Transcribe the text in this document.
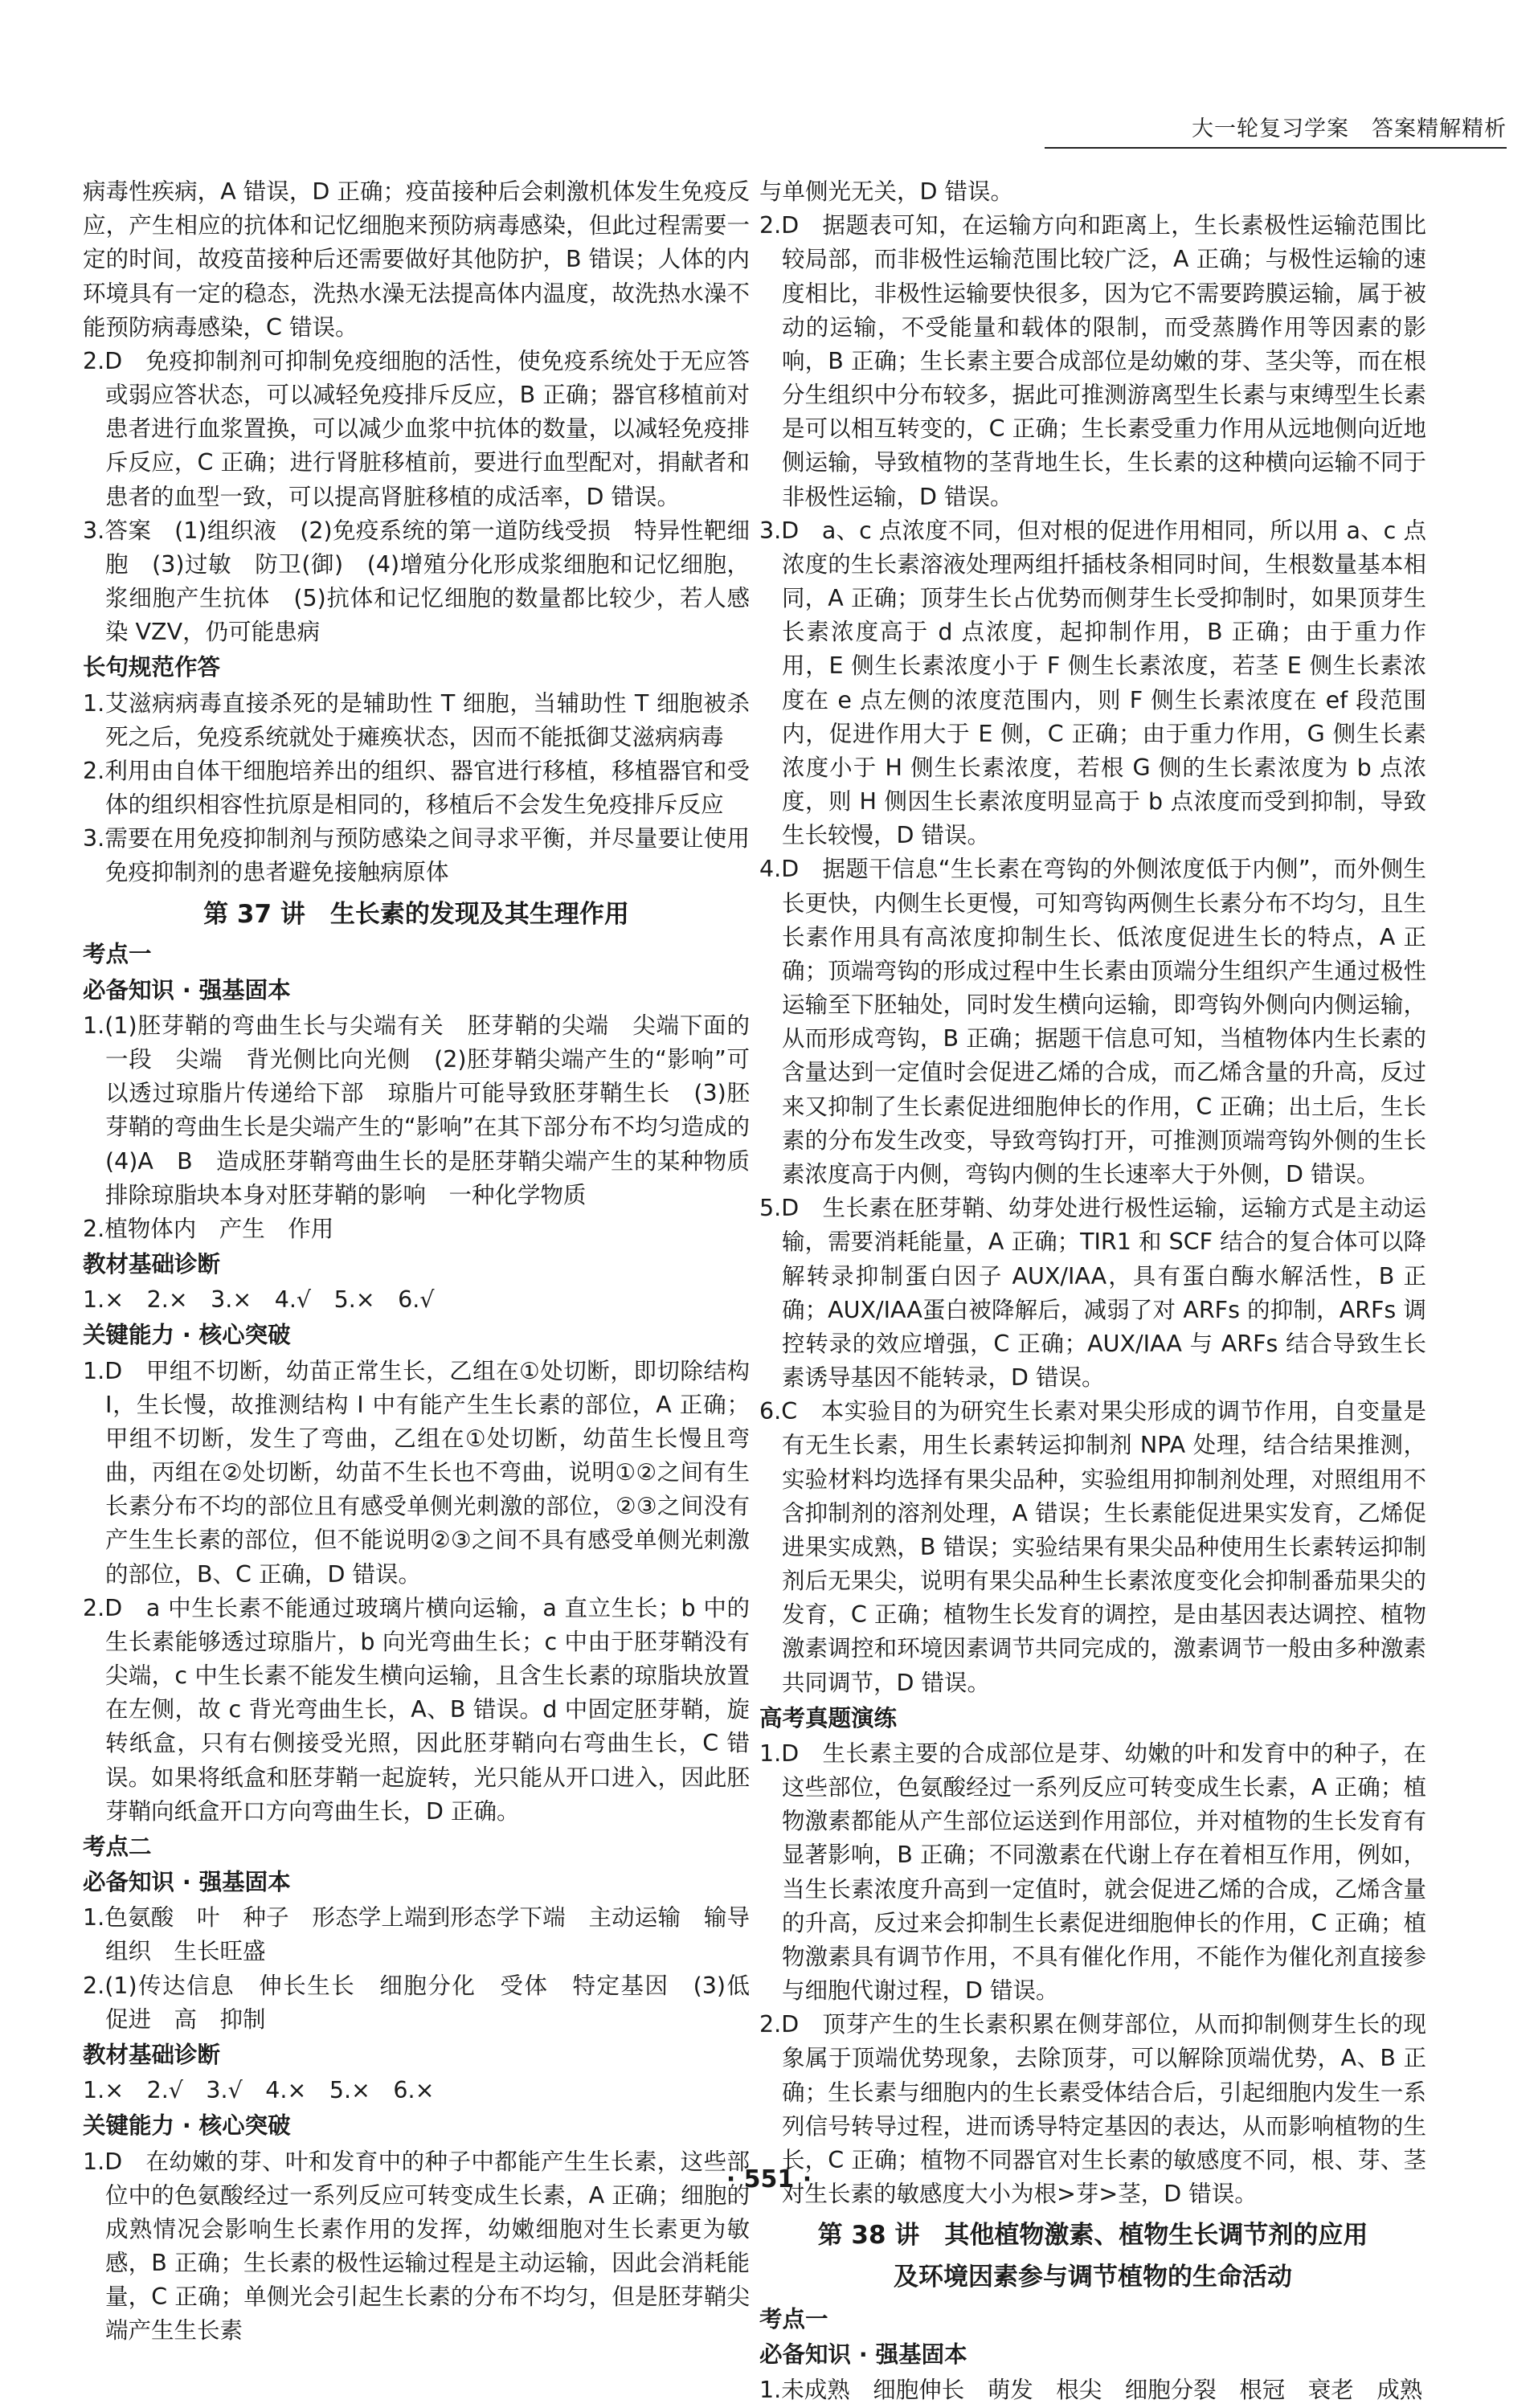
大一轮复习学案　答案精解精析
病毒性疾病，A 错误，D 正确；疫苗接种后会刺激机体发生免疫反应，产生相应的抗体和记忆细胞来预防病毒感染，但此过程需要一定的时间，故疫苗接种后还需要做好其他防护，B 错误；人体的内环境具有一定的稳态，洗热水澡无法提高体内温度，故洗热水澡不能预防病毒感染，C 错误。
2.D　免疫抑制剂可抑制免疫细胞的活性，使免疫系统处于无应答或弱应答状态，可以减轻免疫排斥反应，B 正确；器官移植前对患者进行血浆置换，可以减少血浆中抗体的数量，以减轻免疫排斥反应，C 正确；进行肾脏移植前，要进行血型配对，捐献者和患者的血型一致，可以提高肾脏移植的成活率，D 错误。
3.答案　(1)组织液　(2)免疫系统的第一道防线受损　特异性靶细胞　(3)过敏　防卫(御)　(4)增殖分化形成浆细胞和记忆细胞，浆细胞产生抗体　(5)抗体和记忆细胞的数量都比较少，若人感染 VZV，仍可能患病
长句规范作答
1.艾滋病病毒直接杀死的是辅助性 T 细胞，当辅助性 T 细胞被杀死之后，免疫系统就处于瘫痪状态，因而不能抵御艾滋病病毒
2.利用由自体干细胞培养出的组织、器官进行移植，移植器官和受体的组织相容性抗原是相同的，移植后不会发生免疫排斥反应
3.需要在用免疫抑制剂与预防感染之间寻求平衡，并尽量要让使用免疫抑制剂的患者避免接触病原体
第 37 讲　生长素的发现及其生理作用
考点一
必备知识 · 强基固本
1.(1)胚芽鞘的弯曲生长与尖端有关　胚芽鞘的尖端　尖端下面的一段　尖端　背光侧比向光侧　(2)胚芽鞘尖端产生的“影响”可以透过琼脂片传递给下部　琼脂片可能导致胚芽鞘生长　(3)胚芽鞘的弯曲生长是尖端产生的“影响”在其下部分布不均匀造成的　(4)A　B　造成胚芽鞘弯曲生长的是胚芽鞘尖端产生的某种物质　排除琼脂块本身对胚芽鞘的影响　一种化学物质
2.植物体内　产生　作用
教材基础诊断
1.×　2.×　3.×　4.√　5.×　6.√
关键能力 · 核心突破
1.D　甲组不切断，幼苗正常生长，乙组在①处切断，即切除结构 Ⅰ，生长慢，故推测结构 Ⅰ 中有能产生生长素的部位，A 正确；甲组不切断，发生了弯曲，乙组在①处切断，幼苗生长慢且弯曲，丙组在②处切断，幼苗不生长也不弯曲，说明①②之间有生长素分布不均的部位且有感受单侧光刺激的部位，②③之间没有产生生长素的部位，但不能说明②③之间不具有感受单侧光刺激的部位，B、C 正确，D 错误。
2.D　a 中生长素不能通过玻璃片横向运输，a 直立生长；b 中的生长素能够透过琼脂片，b 向光弯曲生长；c 中由于胚芽鞘没有尖端，c 中生长素不能发生横向运输，且含生长素的琼脂块放置在左侧，故 c 背光弯曲生长，A、B 错误。d 中固定胚芽鞘，旋转纸盒，只有右侧接受光照，因此胚芽鞘向右弯曲生长，C 错误。如果将纸盒和胚芽鞘一起旋转，光只能从开口进入，因此胚芽鞘向纸盒开口方向弯曲生长，D 正确。
考点二
必备知识 · 强基固本
1.色氨酸　叶　种子　形态学上端到形态学下端　主动运输　输导组织　生长旺盛
2.(1)传达信息　伸长生长　细胞分化　受体　特定基因　(3)低　促进　高　抑制
教材基础诊断
1.×　2.√　3.√　4.×　5.×　6.×
关键能力 · 核心突破
1.D　在幼嫩的芽、叶和发育中的种子中都能产生生长素，这些部位中的色氨酸经过一系列反应可转变成生长素，A 正确；细胞的成熟情况会影响生长素作用的发挥，幼嫩细胞对生长素更为敏感，B 正确；生长素的极性运输过程是主动运输，因此会消耗能量，C 正确；单侧光会引起生长素的分布不均匀，但是胚芽鞘尖端产生生长素
与单侧光无关，D 错误。
2.D　据题表可知，在运输方向和距离上，生长素极性运输范围比较局部，而非极性运输范围比较广泛，A 正确；与极性运输的速度相比，非极性运输要快很多，因为它不需要跨膜运输，属于被动的运输，不受能量和载体的限制，而受蒸腾作用等因素的影响，B 正确；生长素主要合成部位是幼嫩的芽、茎尖等，而在根分生组织中分布较多，据此可推测游离型生长素与束缚型生长素是可以相互转变的，C 正确；生长素受重力作用从远地侧向近地侧运输，导致植物的茎背地生长，生长素的这种横向运输不同于非极性运输，D 错误。
3.D　a、c 点浓度不同，但对根的促进作用相同，所以用 a、c 点浓度的生长素溶液处理两组扦插枝条相同时间，生根数量基本相同，A 正确；顶芽生长占优势而侧芽生长受抑制时，如果顶芽生长素浓度高于 d 点浓度，起抑制作用，B 正确；由于重力作用，E 侧生长素浓度小于 F 侧生长素浓度，若茎 E 侧生长素浓度在 e 点左侧的浓度范围内，则 F 侧生长素浓度在 ef 段范围内，促进作用大于 E 侧，C 正确；由于重力作用，G 侧生长素浓度小于 H 侧生长素浓度，若根 G 侧的生长素浓度为 b 点浓度，则 H 侧因生长素浓度明显高于 b 点浓度而受到抑制，导致生长较慢，D 错误。
4.D　据题干信息“生长素在弯钩的外侧浓度低于内侧”，而外侧生长更快，内侧生长更慢，可知弯钩两侧生长素分布不均匀，且生长素作用具有高浓度抑制生长、低浓度促进生长的特点，A 正确；顶端弯钩的形成过程中生长素由顶端分生组织产生通过极性运输至下胚轴处，同时发生横向运输，即弯钩外侧向内侧运输，从而形成弯钩，B 正确；据题干信息可知，当植物体内生长素的含量达到一定值时会促进乙烯的合成，而乙烯含量的升高，反过来又抑制了生长素促进细胞伸长的作用，C 正确；出土后，生长素的分布发生改变，导致弯钩打开，可推测顶端弯钩外侧的生长素浓度高于内侧，弯钩内侧的生长速率大于外侧，D 错误。
5.D　生长素在胚芽鞘、幼芽处进行极性运输，运输方式是主动运输，需要消耗能量，A 正确；TIR1 和 SCF 结合的复合体可以降解转录抑制蛋白因子 AUX/IAA，具有蛋白酶水解活性，B 正确；AUX/IAA蛋白被降解后，减弱了对 ARFs 的抑制，ARFs 调控转录的效应增强，C 正确；AUX/IAA 与 ARFs 结合导致生长素诱导基因不能转录，D 错误。
6.C　本实验目的为研究生长素对果尖形成的调节作用，自变量是有无生长素，用生长素转运抑制剂 NPA 处理，结合结果推测，实验材料均选择有果尖品种，实验组用抑制剂处理，对照组用不含抑制剂的溶剂处理，A 错误；生长素能促进果实发育，乙烯促进果实成熟，B 错误；实验结果有果尖品种使用生长素转运抑制剂后无果尖，说明有果尖品种生长素浓度变化会抑制番茄果尖的发育，C 正确；植物生长发育的调控，是由基因表达调控、植物激素调控和环境因素调节共同完成的，激素调节一般由多种激素共同调节，D 错误。
高考真题演练
1.D　生长素主要的合成部位是芽、幼嫩的叶和发育中的种子，在这些部位，色氨酸经过一系列反应可转变成生长素，A 正确；植物激素都能从产生部位运送到作用部位，并对植物的生长发育有显著影响，B 正确；不同激素在代谢上存在着相互作用，例如，当生长素浓度升高到一定值时，就会促进乙烯的合成，乙烯含量的升高，反过来会抑制生长素促进细胞伸长的作用，C 正确；植物激素具有调节作用，不具有催化作用，不能作为催化剂直接参与细胞代谢过程，D 错误。
2.D　顶芽产生的生长素积累在侧芽部位，从而抑制侧芽生长的现象属于顶端优势现象，去除顶芽，可以解除顶端优势，A、B 正确；生长素与细胞内的生长素受体结合后，引起细胞内发生一系列信号转导过程，进而诱导特定基因的表达，从而影响植物的生长，C 正确；植物不同器官对生长素的敏感度不同，根、芽、茎对生长素的敏感度大小为根>芽>茎，D 错误。
第 38 讲　其他植物激素、植物生长调节剂的应用
及环境因素参与调节植物的生命活动
考点一
必备知识 · 强基固本
1.未成熟　细胞伸长　萌发　根尖　细胞分裂　根冠　衰老　成熟
· 551 ·
